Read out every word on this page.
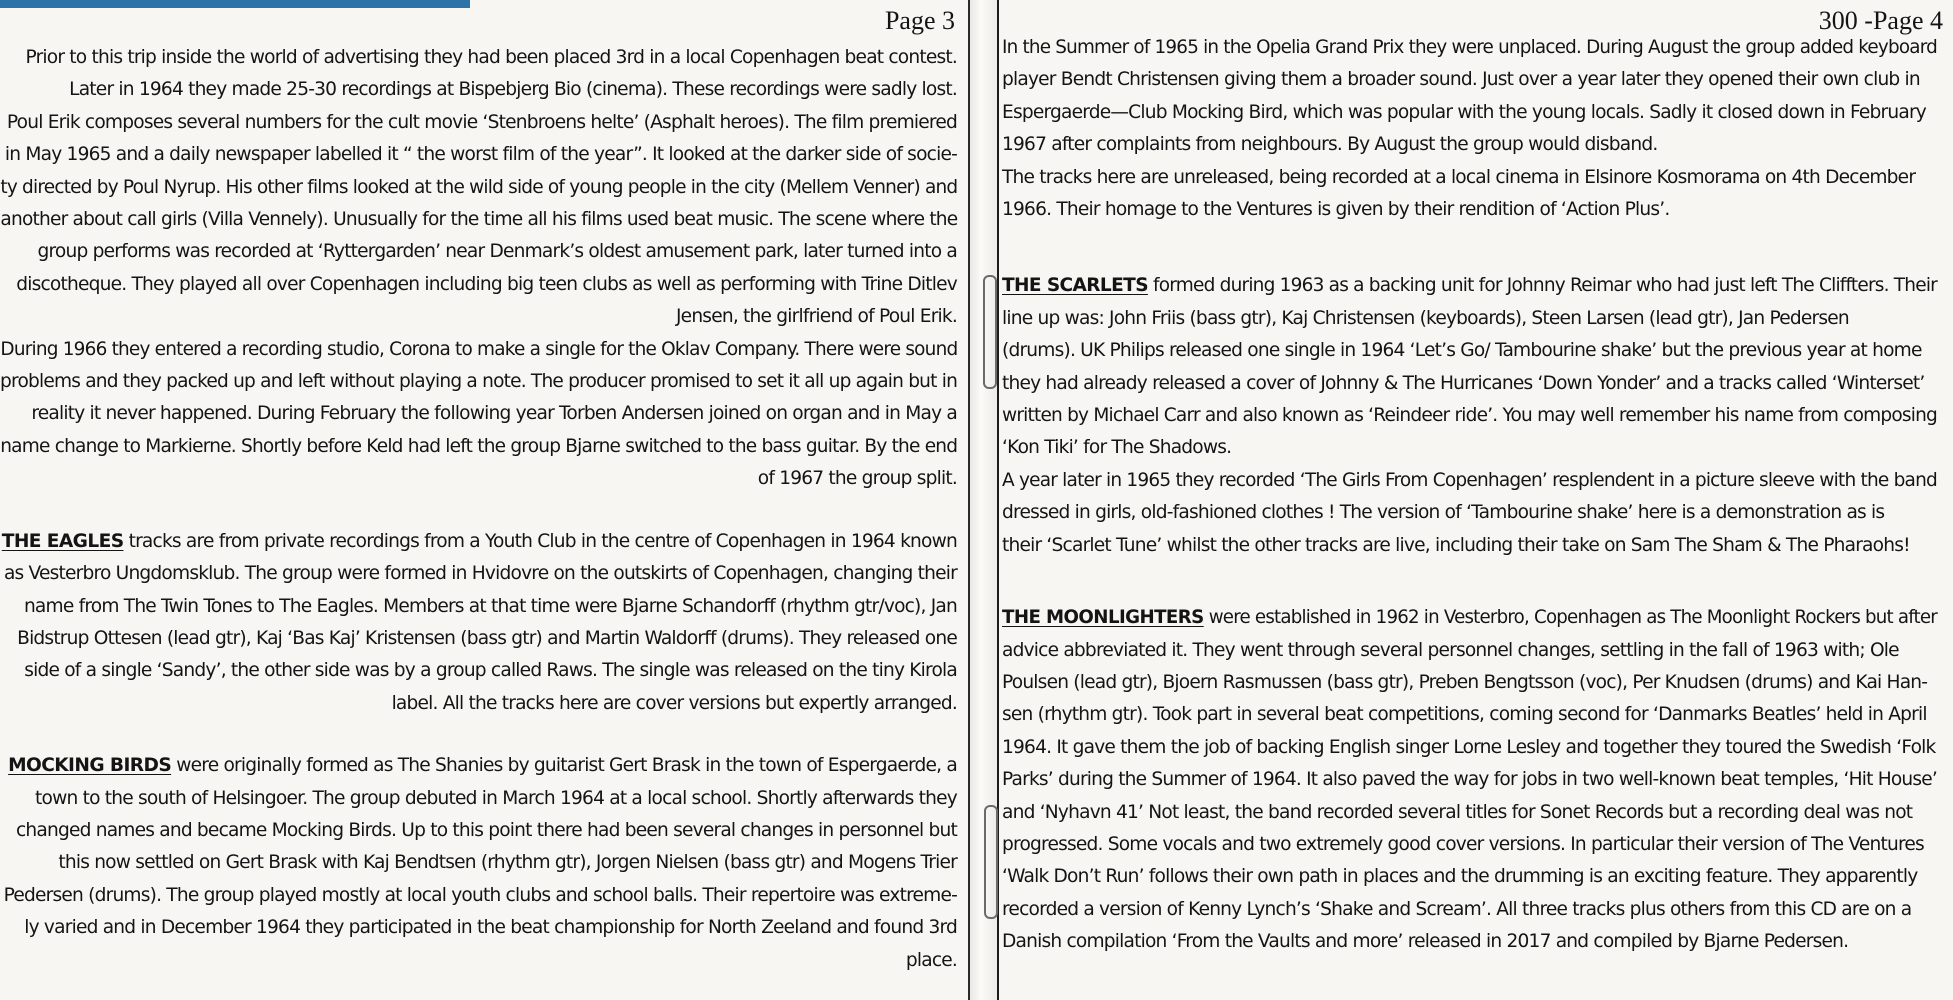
Page 3
Prior to this trip inside the world of advertising they had been placed 3rd in a local Copenhagen beat contest.
Later in 1964 they made 25-30 recordings at Bispebjerg Bio (cinema). These recordings were sadly lost.
Poul Erik composes several numbers for the cult movie ‘Stenbroens helte’ (Asphalt heroes). The film premiered
in May 1965 and a daily newspaper labelled it “ the worst film of the year”. It looked at the darker side of socie-
ty directed by Poul Nyrup. His other films looked at the wild side of young people in the city (Mellem Venner) and
another about call girls (Villa Vennely). Unusually for the time all his films used beat music. The scene where the
group performs was recorded at ‘Ryttergarden’ near Denmark’s oldest amusement park, later turned into a
discotheque. They played all over Copenhagen including big teen clubs as well as performing with Trine Ditlev
Jensen, the girlfriend of Poul Erik.
During 1966 they entered a recording studio, Corona to make a single for the Oklav Company. There were sound
problems and they packed up and left without playing a note. The producer promised to set it all up again but in
reality it never happened. During February the following year Torben Andersen joined on organ and in May a
name change to Markierne. Shortly before Keld had left the group Bjarne switched to the bass guitar. By the end
of 1967 the group split.
THE EAGLES tracks are from private recordings from a Youth Club in the centre of Copenhagen in 1964 known
as Vesterbro Ungdomsklub. The group were formed in Hvidovre on the outskirts of Copenhagen, changing their
name from The Twin Tones to The Eagles. Members at that time were Bjarne Schandorff (rhythm gtr/voc), Jan
Bidstrup Ottesen (lead gtr), Kaj ‘Bas Kaj’ Kristensen (bass gtr) and Martin Waldorff (drums). They released one
side of a single ‘Sandy’, the other side was by a group called Raws. The single was released on the tiny Kirola
label. All the tracks here are cover versions but expertly arranged.
MOCKING BIRDS were originally formed as The Shanies by guitarist Gert Brask in the town of Espergaerde, a
town to the south of Helsingoer. The group debuted in March 1964 at a local school. Shortly afterwards they
changed names and became Mocking Birds. Up to this point there had been several changes in personnel but
this now settled on Gert Brask with Kaj Bendtsen (rhythm gtr), Jorgen Nielsen (bass gtr) and Mogens Trier
Pedersen (drums). The group played mostly at local youth clubs and school balls. Their repertoire was extreme-
ly varied and in December 1964 they participated in the beat championship for North Zeeland and found 3rd
place.
300 -Page 4
In the Summer of 1965 in the Opelia Grand Prix they were unplaced. During August the group added keyboard
player Bendt Christensen giving them a broader sound. Just over a year later they opened their own club in
Espergaerde—Club Mocking Bird, which was popular with the young locals. Sadly it closed down in February
1967 after complaints from neighbours. By August the group would disband.
The tracks here are unreleased, being recorded at a local cinema in Elsinore Kosmorama on 4th December
1966. Their homage to the Ventures is given by their rendition of ‘Action Plus’.
THE SCARLETS formed during 1963 as a backing unit for Johnny Reimar who had just left The Cliffters. Their
line up was: John Friis (bass gtr), Kaj Christensen (keyboards), Steen Larsen (lead gtr), Jan Pedersen
(drums). UK Philips released one single in 1964 ‘Let’s Go/ Tambourine shake’ but the previous year at home
they had already released a cover of Johnny & The Hurricanes ‘Down Yonder’ and a tracks called ‘Winterset’
written by Michael Carr and also known as ‘Reindeer ride’. You may well remember his name from composing
‘Kon Tiki’ for The Shadows.
A year later in 1965 they recorded ‘The Girls From Copenhagen’ resplendent in a picture sleeve with the band
dressed in girls, old-fashioned clothes ! The version of ‘Tambourine shake’ here is a demonstration as is
their ‘Scarlet Tune’ whilst the other tracks are live, including their take on Sam The Sham & The Pharaohs!
THE MOONLIGHTERS were established in 1962 in Vesterbro, Copenhagen as The Moonlight Rockers but after
advice abbreviated it. They went through several personnel changes, settling in the fall of 1963 with; Ole
Poulsen (lead gtr), Bjoern Rasmussen (bass gtr), Preben Bengtsson (voc), Per Knudsen (drums) and Kai Han-
sen (rhythm gtr). Took part in several beat competitions, coming second for ‘Danmarks Beatles’ held in April
1964. It gave them the job of backing English singer Lorne Lesley and together they toured the Swedish ‘Folk
Parks’ during the Summer of 1964. It also paved the way for jobs in two well-known beat temples, ‘Hit House’
and ‘Nyhavn 41’ Not least, the band recorded several titles for Sonet Records but a recording deal was not
progressed. Some vocals and two extremely good cover versions. In particular their version of The Ventures
‘Walk Don’t Run’ follows their own path in places and the drumming is an exciting feature. They apparently
recorded a version of Kenny Lynch’s ‘Shake and Scream’. All three tracks plus others from this CD are on a
Danish compilation ‘From the Vaults and more’ released in 2017 and compiled by Bjarne Pedersen.
